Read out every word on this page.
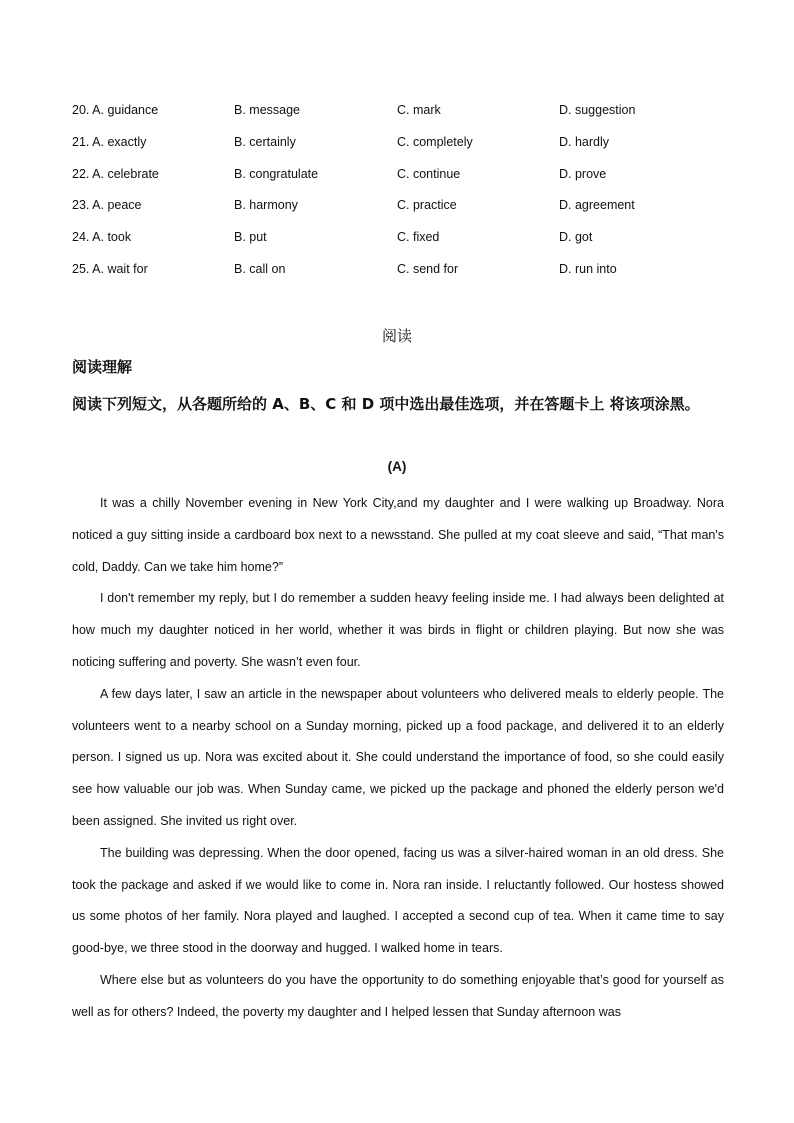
20. A. guidance	B. message	C. mark	D. suggestion
21. A. exactly	B. certainly	C. completely	D. hardly
22. A. celebrate	B. congratulate	C. continue	D. prove
23. A. peace	B. harmony	C. practice	D. agreement
24. A. took	B. put	C. fixed	D. got
25. A. wait for	B. call on	C. send for	D. run into
阅读
阅读理解
阅读下列短文，从各题所给的 A、B、C 和 D 项中选出最佳选项，并在答题卡上 将该项涂黑。
(A)

It was a chilly November evening in New York City,and my daughter and I were walking up Broadway. Nora noticed a guy sitting inside a cardboard box next to a newsstand. She pulled at my coat sleeve and said, “That man's cold, Daddy. Can we take him home?”

I don't remember my reply, but I do remember a sudden heavy feeling inside me. I had always been delighted at how much my daughter noticed in her world, whether it was birds in flight or children playing. But now she was noticing suffering and poverty. She wasn’t even four.

A few days later, I saw an article in the newspaper about volunteers who delivered meals to elderly people. The volunteers went to a nearby school on a Sunday morning, picked up a food package, and delivered it to an elderly person. I signed us up. Nora was excited about it. She could understand the importance of food, so she could easily see how valuable our job was. When Sunday came, we picked up the package and phoned the elderly person we'd been assigned. She invited us right over.

The building was depressing. When the door opened, facing us was a silver-haired woman in an old dress. She took the package and asked if we would like to come in. Nora ran inside. I reluctantly followed. Our hostess showed us some photos of her family. Nora played and laughed. I accepted a second cup of tea. When it came time to say good-bye, we three stood in the doorway and hugged. I walked home in tears.

Where else but as volunteers do you have the opportunity to do something enjoyable that’s good for yourself as well as for others? Indeed, the poverty my daughter and I helped lessen that Sunday afternoon was
